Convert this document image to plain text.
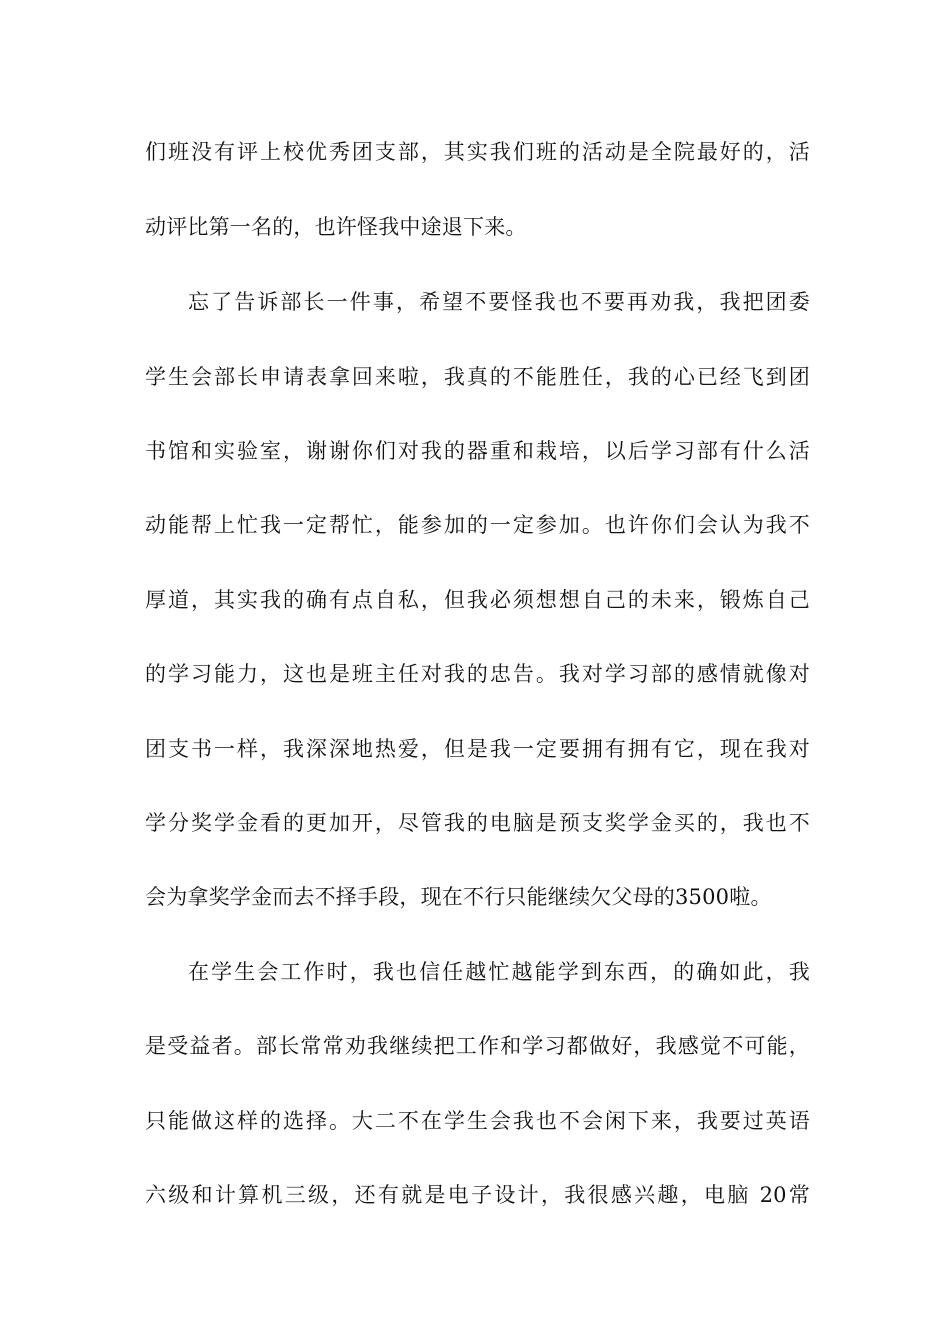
们班没有评上校优秀团支部，其实我们班的活动是全院最好的，活
动评比第一名的，也许怪我中途退下来。
忘了告诉部长一件事，希望不要怪我也不要再劝我，我把团委
学生会部长申请表拿回来啦，我真的不能胜任，我的心已经飞到团
书馆和实验室，谢谢你们对我的器重和栽培，以后学习部有什么活
动能帮上忙我一定帮忙，能参加的一定参加。也许你们会认为我不
厚道，其实我的确有点自私，但我必须想想自己的未来，锻炼自己
的学习能力，这也是班主任对我的忠告。我对学习部的感情就像对
团支书一样，我深深地热爱，但是我一定要拥有拥有它，现在我对
学分奖学金看的更加开，尽管我的电脑是预支奖学金买的，我也不
会为拿奖学金而去不择手段，现在不行只能继续欠父母的3500啦。
在学生会工作时，我也信任越忙越能学到东西，的确如此，我
是受益者。部长常常劝我继续把工作和学习都做好，我感觉不可能，
只能做这样的选择。大二不在学生会我也不会闲下来，我要过英语
六级和计算机三级，还有就是电子设计，我很感兴趣，电脑 20常
